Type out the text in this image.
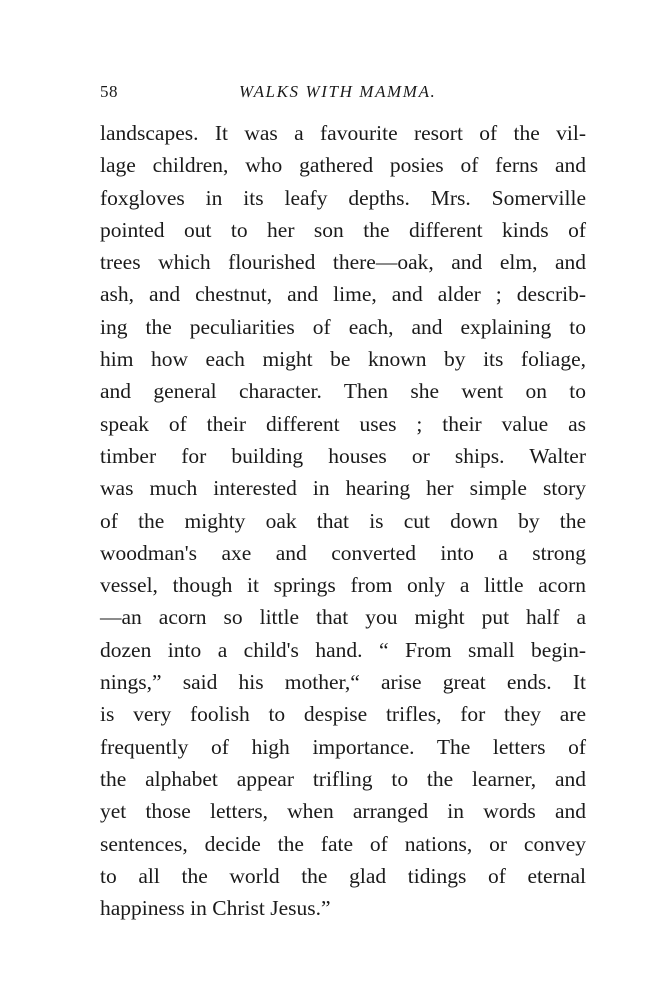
58	WALKS WITH MAMMA.
landscapes. It was a favourite resort of the vil-
lage children, who gathered posies of ferns and
foxgloves in its leafy depths. Mrs. Somerville
pointed out to her son the different kinds of
trees which flourished there—oak, and elm, and
ash, and chestnut, and lime, and alder ; describ-
ing the peculiarities of each, and explaining to
him how each might be known by its foliage,
and general character. Then she went on to
speak of their different uses ; their value as
timber for building houses or ships. Walter
was much interested in hearing her simple story
of the mighty oak that is cut down by the
woodman's axe and converted into a strong
vessel, though it springs from only a little acorn
—an acorn so little that you might put half a
dozen into a child's hand. “ From small begin-
nings,” said his mother,“ arise great ends. It
is very foolish to despise trifles, for they are
frequently of high importance. The letters of
the alphabet appear trifling to the learner, and
yet those letters, when arranged in words and
sentences, decide the fate of nations, or convey
to all the world the glad tidings of eternal
happiness in Christ Jesus.”
